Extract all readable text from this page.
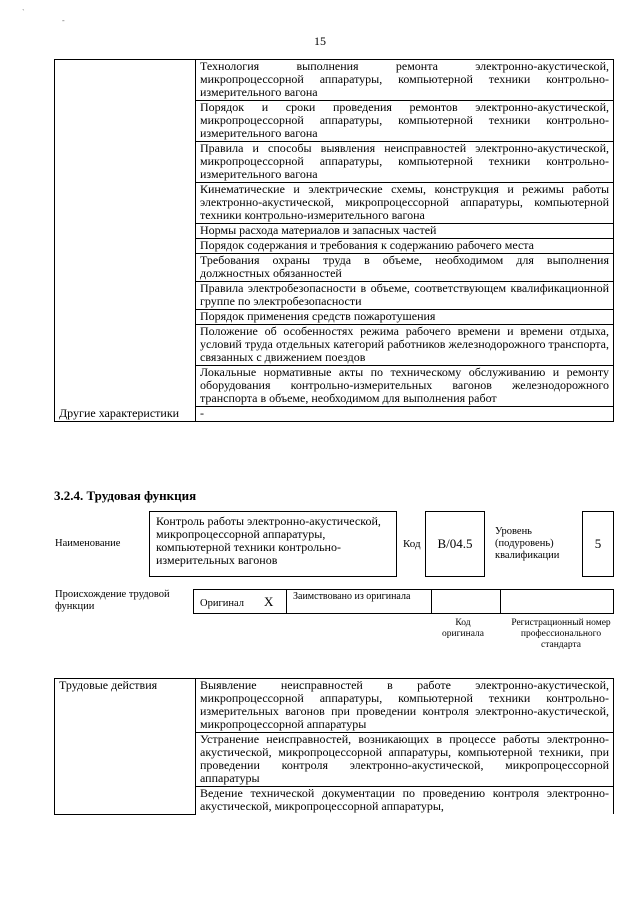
`
-
15
	Технология выполнения ремонта электронно-акустической, микропроцессорной аппаратуры, компьютерной техники контрольно-измерительного вагона
	Порядок и сроки проведения ремонтов электронно-акустической, микропроцессорной аппаратуры, компьютерной техники контрольно-измерительного вагона
	Правила и способы выявления неисправностей электронно-акустической, микропроцессорной аппаратуры, компьютерной техники контрольно-измерительного вагона
	Кинематические и электрические схемы, конструкция и режимы работы электронно-акустической, микропроцессорной аппаратуры, компьютерной техники контрольно-измерительного вагона
	Нормы расхода материалов и запасных частей
	Порядок содержания и требования к содержанию рабочего места
	Требования охраны труда в объеме, необходимом для выполнения должностных обязанностей
	Правила электробезопасности в объеме, соответствующем квалификационной группе по электробезопасности
	Порядок применения средств пожаротушения
	Положение об особенностях режима рабочего времени и времени отдыха, условий труда отдельных категорий работников железнодорожного транспорта, связанных с движением поездов
	Локальные нормативные акты по техническому обслуживанию и ремонту оборудования контрольно-измерительных вагонов железнодорожного транспорта в объеме, необходимом для выполнения работ
Другие характеристики	-
3.2.4. Трудовая функция
Наименование
Контроль работы электронно-акустической, микропроцессорной аппаратуры, компьютерной техники контрольно-измерительных вагонов
Код	B/04.5
Уровень (подуровень) квалификации
5
Происхождение трудовой функции	Оригинал X Заимствовано из оригинала
Код оригинала
Регистрационный номер профессионального стандарта
Трудовые действия	Выявление неисправностей в работе электронно-акустической, микропроцессорной аппаратуры, компьютерной техники контрольно-измерительных вагонов при проведении контроля электронно-акустической, микропроцессорной аппаратуры
	Устранение неисправностей, возникающих в процессе работы электронно-акустической, микропроцессорной аппаратуры, компьютерной техники, при проведении контроля электронно-акустической, микропроцессорной аппаратуры
	Ведение технической документации по проведению контроля электронно-акустической, микропроцессорной аппаратуры,
